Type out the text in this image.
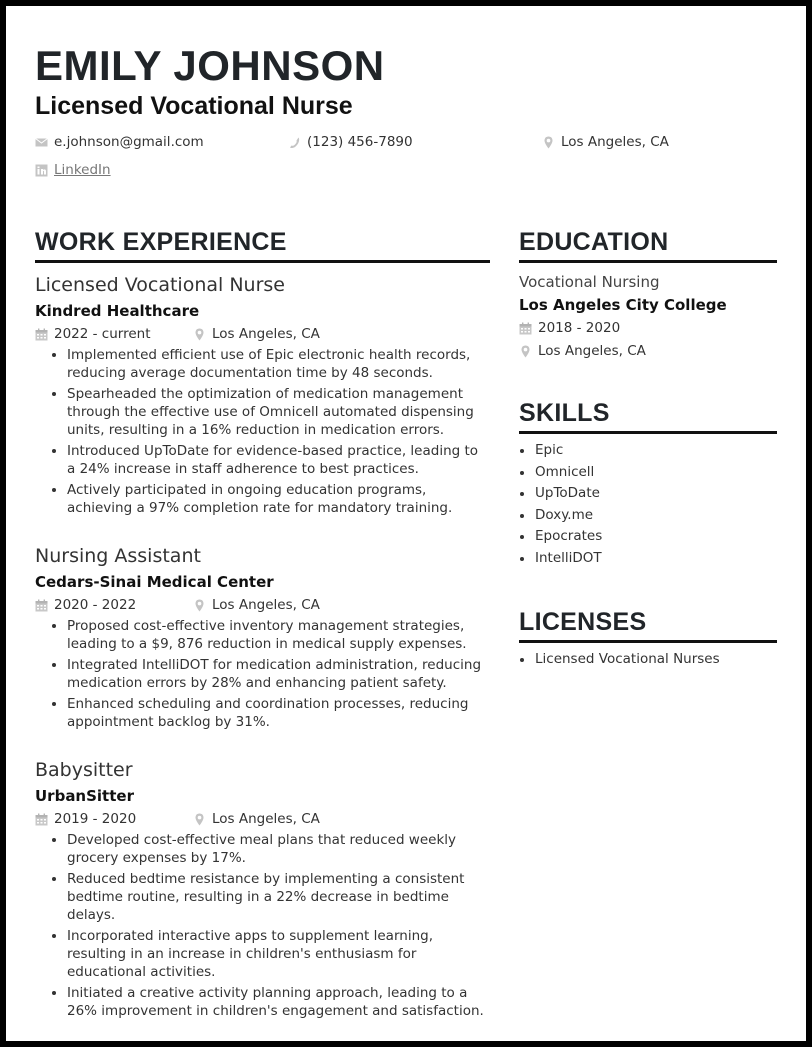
EMILY JOHNSON
Licensed Vocational Nurse
e.johnson@gmail.com	(123) 456-7890	Los Angeles, CA
LinkedIn
WORK EXPERIENCE
Licensed Vocational Nurse
Kindred Healthcare
2022 - current	Los Angeles, CA
Implemented efficient use of Epic electronic health records, reducing average documentation time by 48 seconds.
Spearheaded the optimization of medication management through the effective use of Omnicell automated dispensing units, resulting in a 16% reduction in medication errors.
Introduced UpToDate for evidence-based practice, leading to a 24% increase in staff adherence to best practices.
Actively participated in ongoing education programs, achieving a 97% completion rate for mandatory training.
Nursing Assistant
Cedars-Sinai Medical Center
2020 - 2022	Los Angeles, CA
Proposed cost-effective inventory management strategies, leading to a $9, 876 reduction in medical supply expenses.
Integrated IntelliDOT for medication administration, reducing medication errors by 28% and enhancing patient safety.
Enhanced scheduling and coordination processes, reducing appointment backlog by 31%.
Babysitter
UrbanSitter
2019 - 2020	Los Angeles, CA
Developed cost-effective meal plans that reduced weekly grocery expenses by 17%.
Reduced bedtime resistance by implementing a consistent bedtime routine, resulting in a 22% decrease in bedtime delays.
Incorporated interactive apps to supplement learning, resulting in an increase in children's enthusiasm for educational activities.
Initiated a creative activity planning approach, leading to a 26% improvement in children's engagement and satisfaction.
EDUCATION
Vocational Nursing
Los Angeles City College
2018 - 2020
Los Angeles, CA
SKILLS
Epic
Omnicell
UpToDate
Doxy.me
Epocrates
IntelliDOT
LICENSES
Licensed Vocational Nurses
